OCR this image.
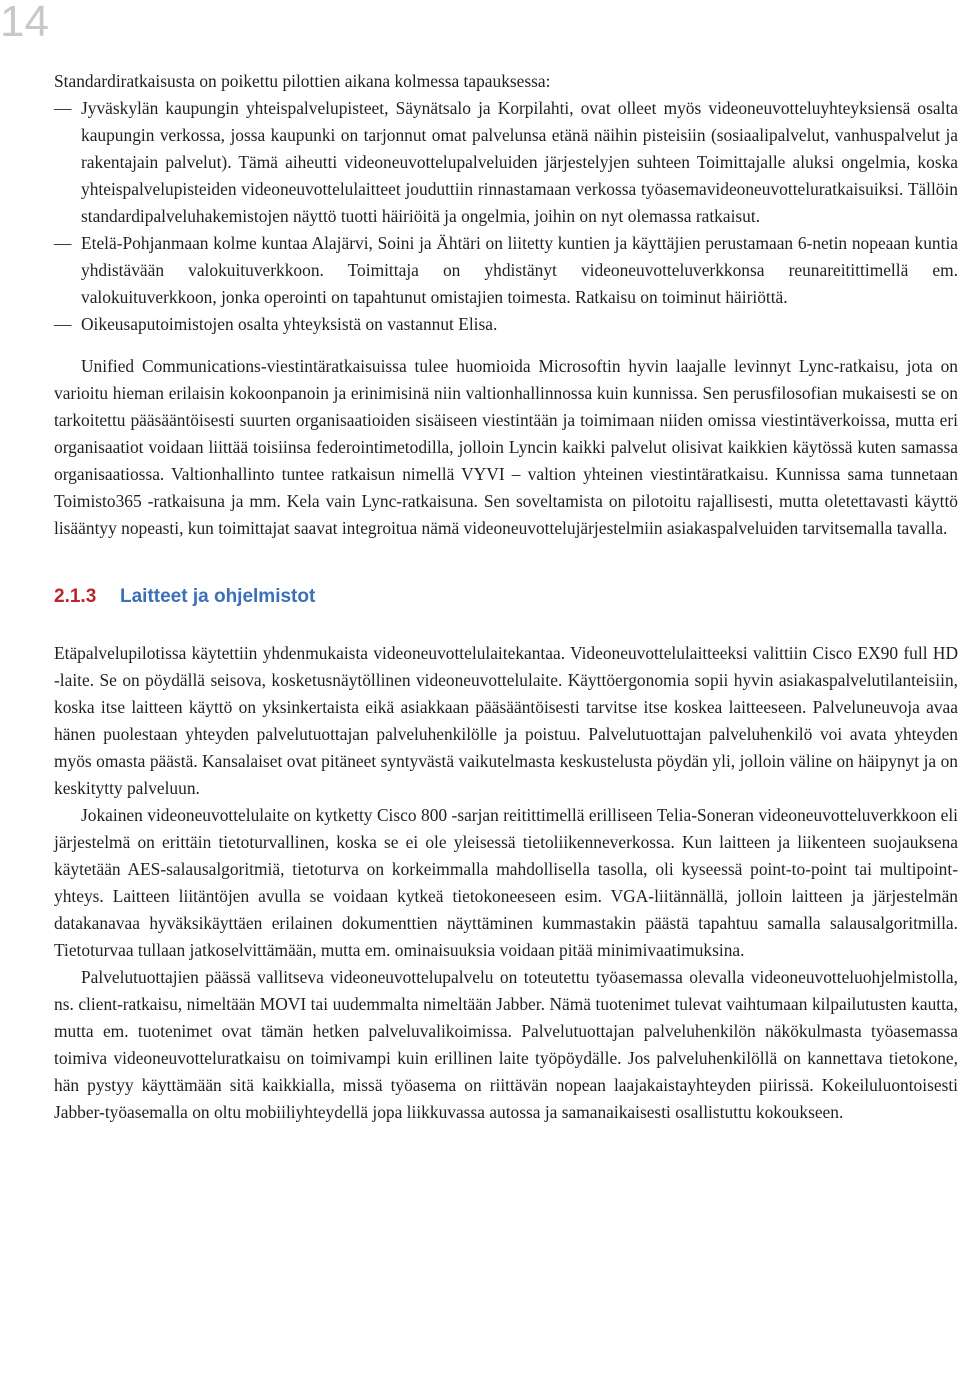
14

Standardiratkaisusta on poikettu pilottien aikana kolmessa tapauksessa:

— Jyväskylän kaupungin yhteispalvelupisteet, Säynätsalo ja Korpilahti, ovat olleet myös videoneuvotteluyhteyksiensä osalta kaupungin verkossa, jossa kaupunki on tarjonnut omat palvelunsa etänä näihin pisteisiin (sosiaalipalvelut, vanhuspalvelut ja rakentajain palvelut). Tämä aiheutti videoneuvottelupalveluiden järjestelyjen suhteen Toimittajalle aluksi ongelmia, koska yhteispalvelupisteiden videoneuvottelulaitteet jouduttiin rinnastamaan verkossa työasemavideoneuvotteluratkaisuiksi. Tällöin standardipalveluhakemistojen näyttö tuotti häiriöitä ja ongelmia, joihin on nyt olemassa ratkaisut.
— Etelä-Pohjanmaan kolme kuntaa Alajärvi, Soini ja Ähtäri on liitetty kuntien ja käyttäjien perustamaan 6-netin nopeaan kuntia yhdistävään valokuituverkkoon. Toimittaja on yhdistänyt videoneuvotteluverkkonsa reunareitittimellä em. valokuituverkkoon, jonka operointi on tapahtunut omistajien toimesta. Ratkaisu on toiminut häiriöttä.
— Oikeusaputoimistojen osalta yhteyksistä on vastannut Elisa.

Unified Communications-viestintäratkaisuissa tulee huomioida Microsoftin hyvin laajalle levinnyt Lync-ratkaisu, jota on varioitu hieman erilaisin kokoonpanoin ja erinimisinä niin valtionhallinnossa kuin kunnissa. Sen perusfilosofian mukaisesti se on tarkoitettu pääsääntöisesti suurten organisaatioiden sisäiseen viestintään ja toimimaan niiden omissa viestintäverkoissa, mutta eri organisaatiot voidaan liittää toisiinsa federointimetodilla, jolloin Lyncin kaikki palvelut olisivat kaikkien käytössä kuten samassa organisaatiossa. Valtionhallinto tuntee ratkaisun nimellä VYVI – valtion yhteinen viestintäratkaisu. Kunnissa sama tunnetaan Toimisto365 -ratkaisuna ja mm. Kela vain Lync-ratkaisuna. Sen soveltamista on pilotoitu rajallisesti, mutta oletettavasti käyttö lisääntyy nopeasti, kun toimittajat saavat integroitua nämä videoneuvottelujärjestelmiin asiakaspalveluiden tarvitsemalla tavalla.

2.1.3	Laitteet ja ohjelmistot

Etäpalvelupilotissa käytettiin yhdenmukaista videoneuvottelulaitekantaa. Videoneuvottelulaitteeksi valittiin Cisco EX90 full HD -laite. Se on pöydällä seisova, kosketusnäytöllinen videoneuvottelulaite. Käyttöergonomia sopii hyvin asiakaspalvelutilanteisiin, koska itse laitteen käyttö on yksinkertaista eikä asiakkaan pääsääntöisesti tarvitse itse koskea laitteeseen. Palveluneuvoja avaa hänen puolestaan yhteyden palvelutuottajan palveluhenkilölle ja poistuu. Palvelutuottajan palveluhenkilö voi avata yhteyden myös omasta päästä. Kansalaiset ovat pitäneet syntyvästä vaikutelmasta keskustelusta pöydän yli, jolloin väline on häipynyt ja on keskitytty palveluun.

Jokainen videoneuvottelulaite on kytketty Cisco 800 -sarjan reitittimellä erilliseen Telia-Soneran videoneuvotteluverkkoon eli järjestelmä on erittäin tietoturvallinen, koska se ei ole yleisessä tietoliikenneverkossa. Kun laitteen ja liikenteen suojauksena käytetään AES-salausalgoritmiä, tietoturva on korkeimmalla mahdollisella tasolla, oli kyseessä point-to-point tai multipoint-yhteys. Laitteen liitäntöjen avulla se voidaan kytkeä tietokoneeseen esim. VGA-liitännällä, jolloin laitteen ja järjestelmän datakanavaa hyväksikäyttäen erilainen dokumenttien näyttäminen kummastakin päästä tapahtuu samalla salausalgoritmilla. Tietoturvaa tullaan jatkoselvittämään, mutta em. ominaisuuksia voidaan pitää minimivaatimuksina.

Palvelutuottajien päässä vallitseva videoneuvottelupalvelu on toteutettu työasemassa olevalla videoneuvotteluohjelmistolla, ns. client-ratkaisu, nimeltään MOVI tai uudemmalta nimeltään Jabber. Nämä tuotenimet tulevat vaihtumaan kilpailutusten kautta, mutta em. tuotenimet ovat tämän hetken palveluvalikoimissa. Palvelutuottajan palveluhenkilön näkökulmasta työasemassa toimiva videoneuvotteluratkaisu on toimivampi kuin erillinen laite työpöydälle. Jos palveluhenkilöllä on kannettava tietokone, hän pystyy käyttämään sitä kaikkialla, missä työasema on riittävän nopean laajakaistayhteyden piirissä. Kokeiluluontoisesti Jabber-työasemalla on oltu mobiiliyhteydellä jopa liikkuvassa autossa ja samanaikaisesti osallistuttu kokoukseen.
